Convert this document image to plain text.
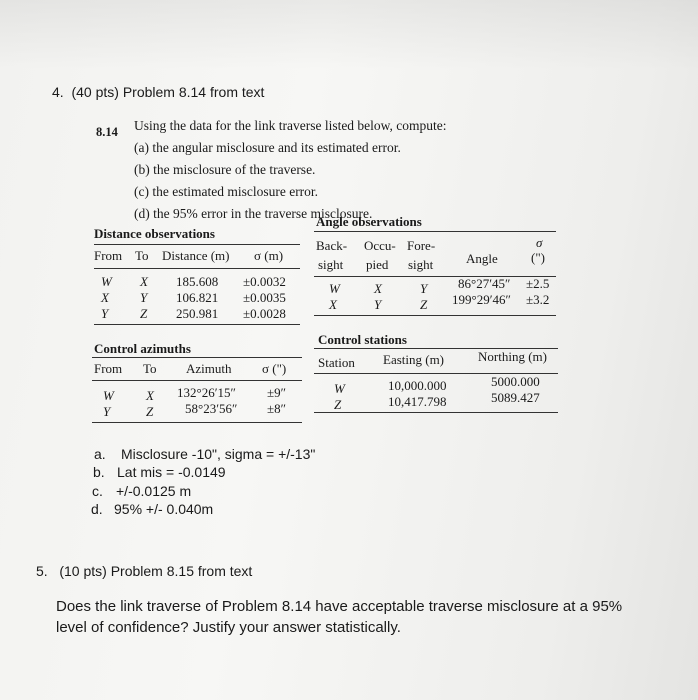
4. (40 pts) Problem 8.14 from text
8.14 Using the data for the link traverse listed below, compute:
(a) the angular misclosure and its estimated error.
(b) the misclosure of the traverse.
(c) the estimated misclosure error.
(d) the 95% error in the traverse misclosure.
Distance observations
From To Distance (m) σ (m)
W X 185.608 ±0.0032
X Y 106.821 ±0.0035
Y Z 250.981 ±0.0028
Angle observations
Back-
sight
Occu-
pied
Fore-
sight	Angle
σ
(")
W	X	Y 86°27′45″ ±2.5
X	Y	Z 199°29′46″ ±3.2
Control azimuths
From To Azimuth σ (")
W X 132°26′15″ ±9″
Y	Z 58°23′56″ ±8″
Control stations
Station Easting (m)	Northing (m)
W	10,000.000	5000.000
Z	10,417.798	5089.427
a. Misclosure -10", sigma = +/-13"
b. Lat mis = -0.0149
c. +/-0.0125 m
d. 95% +/- 0.040m
5. (10 pts) Problem 8.15 from text
Does the link traverse of Problem 8.14 have acceptable traverse misclosure at a 95% level of confidence? Justify your answer statistically.
